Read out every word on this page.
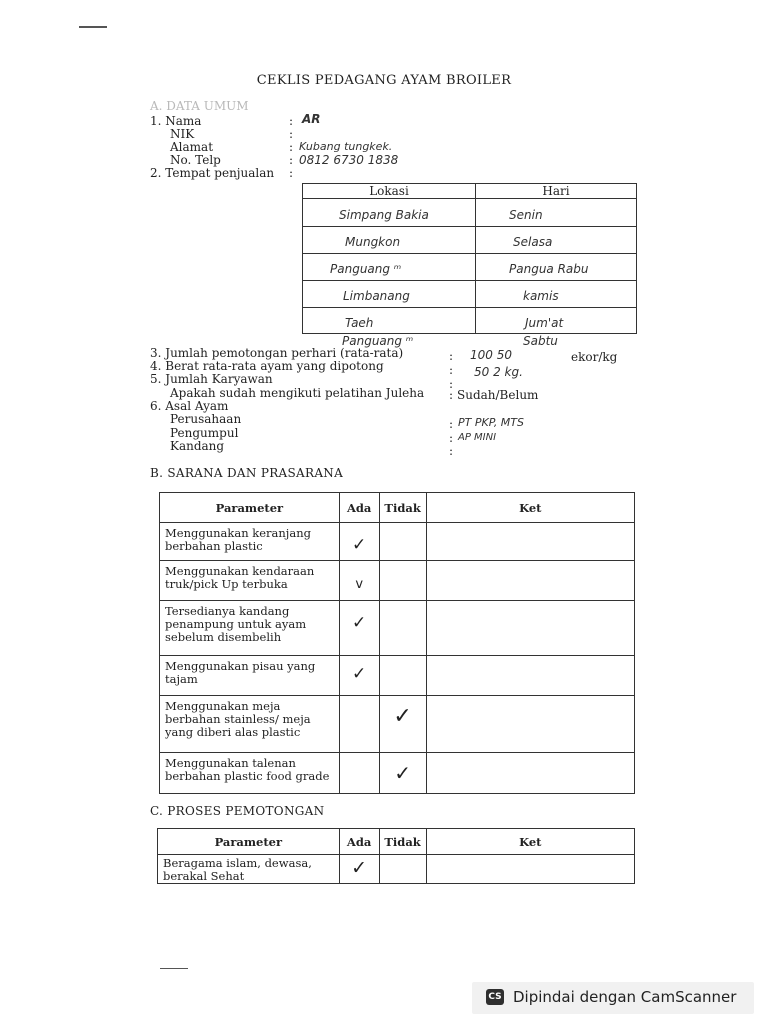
CEKLIS PEDAGANG AYAM BROILER
A. DATA UMUM
1. Nama	: AR
NIK	:
Alamat	: Kubang tungkek.
No. Telp	: 0812 6730 1838
2. Tempat penjualan :
Lokasi	Hari
Simpang Bakia	Senin
Mungkon	Selasa
Panguang ᵐ	Pangua Rabu
Limbanang	kamis
Taeh	Jum'at
Panguang ᵐ	Sabtu
3. Jumlah pemotongan perhari (rata-rata)	: 100 50	ekor/kg
4. Berat rata-rata ayam yang dipotong	: 50 2 kg.
5. Jumlah Karyawan	:
Apakah sudah mengikuti pelatihan Juleha : Sudah/Belum
6. Asal Ayam
Perusahaan	: PT PKP, MTS
Pengumpul	: AP MINI
Kandang	:
B. SARANA DAN PRASARANA
Parameter	Ada	Tidak	Ket
Menggunakan keranjang berbahan plastic	✓		

Menggunakan kendaraan truk/pick Up terbuka	v		

Tersedianya kandang penampung untuk ayam sebelum disembelih	✓		

Menggunakan pisau yang tajam	✓		

Menggunakan meja berbahan stainless/ meja yang diberi alas plastic		✓	

Menggunakan talenan berbahan plastic food grade		✓	

C. PROSES PEMOTONGAN
Parameter	Ada	Tidak	Ket
Beragama islam, dewasa, berakal Sehat	✓		

CS Dipindai dengan CamScanner
